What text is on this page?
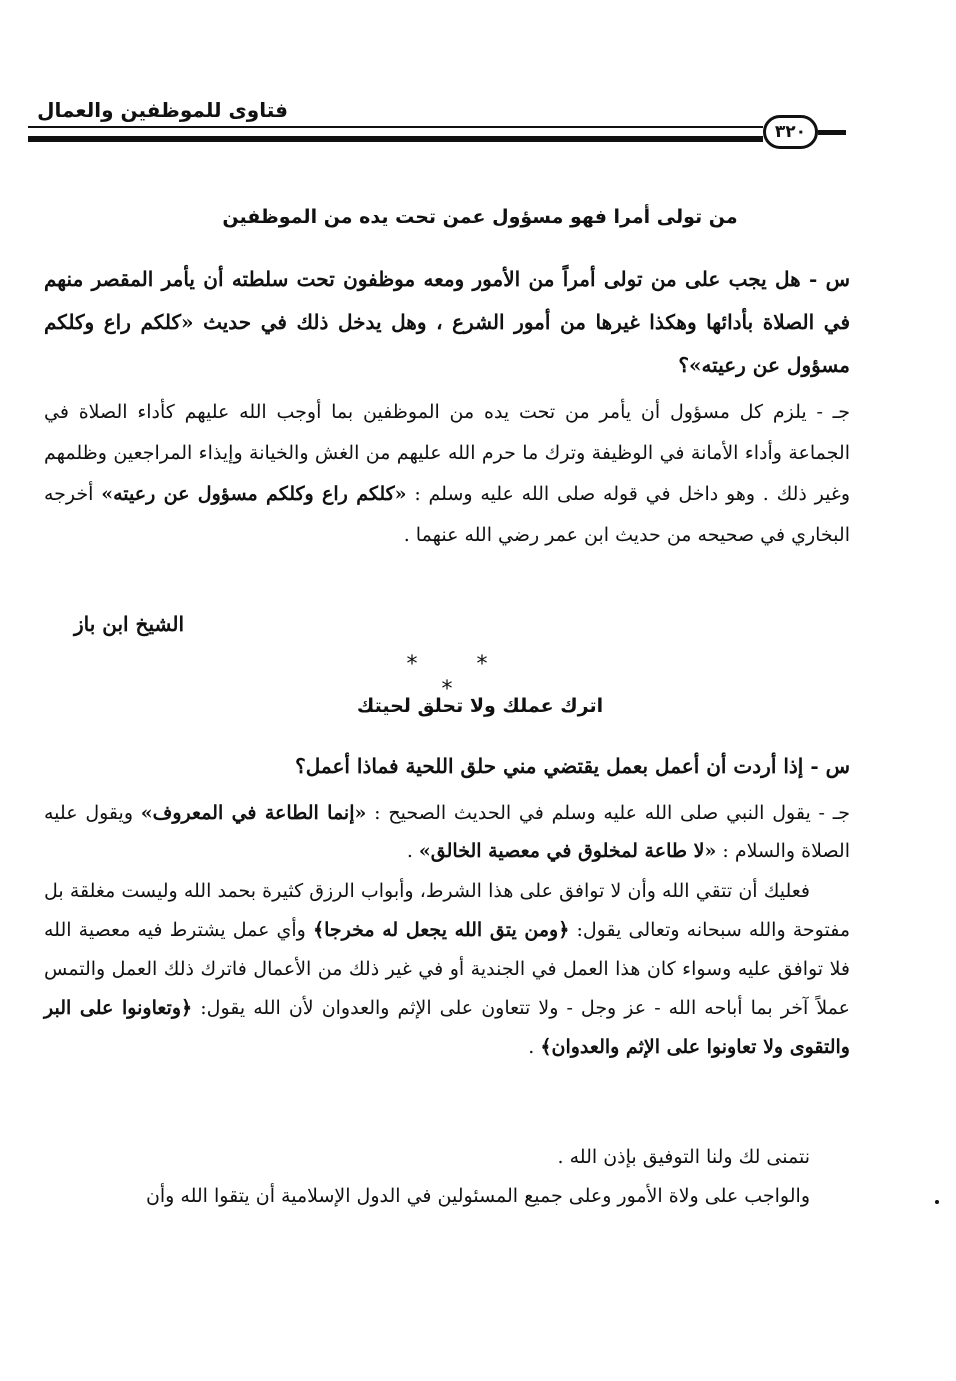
فتاوى للموظفين والعمال
٣٢٠
من تولى أمرا فهو مسؤول عمن تحت يده من الموظفين
س - هل يجب على من تولى أمراً من الأمور ومعه موظفون تحت سلطته أن يأمر المقصر منهم في الصلاة بأدائها وهكذا غيرها من أمور الشرع ، وهل يدخل ذلك في حديث «كلكم راع وكلكم مسؤول عن رعيته»؟
جـ - يلزم كل مسؤول أن يأمر من تحت يده من الموظفين بما أوجب الله عليهم كأداء الصلاة في الجماعة وأداء الأمانة في الوظيفة وترك ما حرم الله عليهم من الغش والخيانة وإيذاء المراجعين وظلمهم وغير ذلك . وهو داخل في قوله صلى الله عليه وسلم : «كلكم راع وكلكم مسؤول عن رعيته» أخرجه البخاري في صحيحه من حديث ابن عمر رضي الله عنهما .
الشيخ ابن باز
* * *
اترك عملك ولا تحلق لحيتك
س - إذا أردت أن أعمل بعمل يقتضي مني حلق اللحية فماذا أعمل؟
جـ - يقول النبي صلى الله عليه وسلم في الحديث الصحيح : «إنما الطاعة في المعروف» ويقول عليه الصلاة والسلام : «لا طاعة لمخلوق في معصية الخالق» .
فعليك أن تتقي الله وأن لا توافق على هذا الشرط، وأبواب الرزق كثيرة بحمد الله وليست مغلقة بل مفتوحة والله سبحانه وتعالى يقول: ﴿ومن يتق الله يجعل له مخرجا﴾ وأي عمل يشترط فيه معصية الله فلا توافق عليه وسواء كان هذا العمل في الجندية أو في غير ذلك من الأعمال فاترك ذلك العمل والتمس عملاً آخر بما أباحه الله - عز وجل - ولا تتعاون على الإثم والعدوان لأن الله يقول: ﴿وتعاونوا على البر والتقوى ولا تعاونوا على الإثم والعدوان﴾ .
نتمنى لك ولنا التوفيق بإذن الله .
والواجب على ولاة الأمور وعلى جميع المسئولين في الدول الإسلامية أن يتقوا الله وأن
